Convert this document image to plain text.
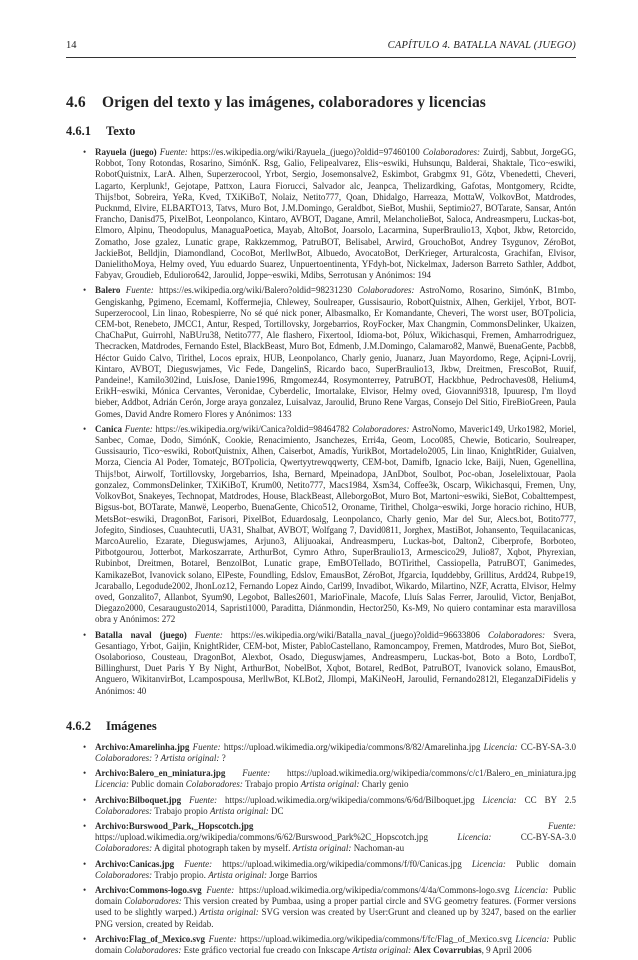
14	CAPÍTULO 4. BATALLA NAVAL (JUEGO)
4.6 Origen del texto y las imágenes, colaboradores y licencias
4.6.1 Texto
• Rayuela (juego) Fuente: https://es.wikipedia.org/wiki/Rayuela_(juego)?oldid=97460100 Colaboradores: Zuirdj, Sabbut, JorgeGG, Robbot, Tony Rotondas, Rosarino, SimónK. Rsg, Galio, Felipealvarez, Elis~eswiki, Huhsunqu, Balderai, Shaktale, Tico~eswiki, RobotQuistnix, LarA. Alhen, Superzerocool, Yrbot, Sergio, Josemonsalve2, Eskimbot, Grabgmx 91, Götz, Vbenedetti, Cheveri, Lagarto, Kerplunk!, Gejotape, Pattxon, Laura Fiorucci, Salvador alc, Jeanpca, Thelizardking, Gafotas, Montgomery, Rcidte, Thijs!bot, Sobreira, YeRa, Kved, TXiKiBoT, Nolaiz, Netito777, Qoan, Dhidalgo, Harreaza, MottaW, VolkovBot, Matdrodes, Pucknmd, Elvire, ELBARTO13, Tatvs, Muro Bot, J.M.Domingo, Geraldbot, SieBot, Mushii, Septimio27, BOTarate, Sansar, Antón Francho, Danisd75, PixelBot, Leonpolanco, Kintaro, AVBOT, Dagane, Amril, MelancholieBot, Saloca, Andreasmperu, Luckas-bot, Elmoro, Alpinu, Theodopulus, ManaguaPoetica, Mayab, AltoBot, Joarsolo, Lacarmina, SuperBraulio13, Xqbot, Jkbw, Retorcido, Zomatho, Jose gzalez, Lunatic grape, Rakkzemmog, PatruBOT, Belisabel, Arwird, GrouchoBot, Andrey Tsygunov, ZéroBot, JackieBot, Belldjin, Diamondland, CocoBot, MerllwBot, Albuedo, AvocatoBot, DerKrieger, Arturalcosta, Grachifan, Elvisor, DanielithoMoya, Helmy oved, Yuu eduardo Suarez, Unpuertoentinenta, YFdyh-bot, Nickelmax, Jaderson Barreto Sathler, Addbot, Fabyav, Groudieb, Edulioro642, Jaroulid, Joppe~eswiki, Mdibs, Serrotusan y Anónimos: 194
• Balero Fuente: https://es.wikipedia.org/wiki/Balero?oldid=98231230 Colaboradores: AstroNomo, Rosarino, SimónK, B1mbo, Gengiskanhg, Pgimeno, Ecemaml, Koffermejia, Chlewey, Soulreaper, Gussisaurio, RobotQuistnix, Alhen, Gerkijel, Yrbot, BOT-Superzerocool, Lin linao, Robespierre, No sé qué nick poner, Albasmalko, Er Komandante, Cheveri, The worst user, BOTpolicia, CEM-bot, Renebeto, JMCC1, Antur, Resped, Tortillovsky, Jorgebarrios, RoyFocker, Max Changmin, CommonsDelinker, Ukaizen, ChaChaPut, Guirrohl, NaBUru38, Netito777, Ale flashero, Fixertool, Idioma-bot, Pólux, Wikichasqui, Fremen, Amharrodriguez, Thecracken, Matdrodes, Fernando Estel, BlackBeast, Muro Bot, Edmenb, J.M.Domingo, Calamaro82, Manwë, BuenaGente, Pacbb8, Héctor Guido Calvo, Tirithel, Locos epraix, HUB, Leonpolanco, Charly genio, Juanarz, Juan Mayordomo, Rege, Açipni-Lovrij, Kintaro, AVBOT, Dieguswjames, Vic Fede, DangelinS, Ricardo baco, SuperBraulio13, Jkbw, Dreitmen, FrescoBot, Ruuif, Pandeine!, Kamilo302ind, LuisJose, Danie1996, Rmgomez44, Rosymonterrey, PatruBOT, Hackbhue, Pedrochaves08, Helium4, ErikH~eswiki, Mónica Cervantes, Veronidae, Cyberdelic, Imortalake, Elvisor, Helmy oved, Giovanni9318, Ipuuresp, I'm lloyd bieber, Addbot, Adrián Cerón, Jorge araya gonzalez, Luisalvaz, Jaroulid, Bruno Rene Vargas, Consejo Del Sitio, FireBioGreen, Paula Gomes, David Andre Romero Flores y Anónimos: 133
• Canica Fuente: https://es.wikipedia.org/wiki/Canica?oldid=98464782 Colaboradores: AstroNomo, Maveric149, Urko1982, Moriel, Sanbec, Comae, Dodo, SimónK, Cookie, Renacimiento, Jsanchezes, Erri4a, Geom, Loco085, Chewie, Boticario, Soulreaper, Gussisaurio, Tico~eswiki, RobotQuistnix, Alhen, Caiserbot, Amadís, YurikBot, Mortadelo2005, Lin linao, KnightRider, Guialven, Morza, Ciencia Al Poder, Tomatejc, BOTpolicia, Qwertyytrewqqwerty, CEM-bot, Damifb, Ignacio lcke, Baiji, Nuen, Ggenellina, Thijs!bot, Airwolf, Tortillovsky, Jorgebarrios, Isha, Bernard, Mpeinadopa, JAnDbot, Soulbot, Poc-oban, Joselelixtouar, Paola gonzalez, CommonsDelinker, TXiKiBoT, Krum00, Netito777, Macs1984, Xsm34, Coffee3k, Oscarp, Wikichasqui, Fremen, Uny, VolkovBot, Snakeyes, Technopat, Matdrodes, House, BlackBeast, AlleborgoBot, Muro Bot, Martoni~eswiki, SieBot, Cobalttempest, Bigsus-bot, BOTarate, Manwë, Leoperbo, BuenaGente, Chico512, Oroname, Tirithel, Cholga~eswiki, Jorge horacio richino, HUB, MetsBot~eswiki, DragonBot, Farisori, PixelBot, Eduardosalg, Leonpolanco, Charly genio, Mar del Sur, Alecs.bot, Botito777, Jofegito, Sindioses, Cuauhtecutli, UA31, Shalbat, AVBOT, Wolfgang 7, David0811, Jorghex, MastiBot, Johansento, Tequilacanicas, MarcoAurelio, Ezarate, Dieguswjames, Arjuno3, Alijuoakai, Andreasmperu, Luckas-bot, Dalton2, Ciberprofe, Borboteo, Pitbotgourou, Jotterbot, Markoszarrate, ArthurBot, Cymro Athro, SuperBraulio13, Armescico29, Julio87, Xqbot, Phyrexian, Rubinbot, Dreitmen, Botarel, BenzolBot, Lunatic grape, EmBOTellado, BOTirithel, Cassiopella, PatruBOT, Ganimedes, KamikazeBot, Ivanovick solano, ElPeste, Foundling, Edslov, EmausBot, ZéroBot, Jfgarcia, Iquddebby, Grillitus, Ardd24, Rubpe19, Jcaraballo, Legodude2002, JhonLoz12, Fernando Lopez Aindo, Carl99, Invadibot, Wikardo, Milartino, NZF, Acratta, Elvisor, Helmy oved, Gonzalito7, Allanbot, Syum90, Legobot, Balles2601, MarioFinale, Macofe, Lluís Salas Ferrer, Jaroulid, Victor, BenjaBot, Diegazo2000, Cesaraugusto2014, Sapristi1000, Paraditta, Diánmondin, Hector250, Ks-M9, No quiero contaminar esta maravillosa obra y Anónimos: 272
• Batalla naval (juego) Fuente: https://es.wikipedia.org/wiki/Batalla_naval_(juego)?oldid=96633806 Colaboradores: Sverа, Gesantiago, Yrbot, Gaijin, KnightRider, CEM-bot, Mister, PabloCastellano, Ramoncampoy, Fremen, Matdrodes, Muro Bot, SieBot, Osolaborioso, Cousteau, DragonBot, Alexbot, Osado, Dieguswjames, Andreasmperu, Luckas-bot, Boto a Boto, LordboT, Billinghurst, Duet Paris Y By Night, ArthurBot, NobelBot, Xqbot, Botarel, RedBot, PatruBOT, Ivanovick solano, EmausBot, Anguero, WikitanvirBot, Lcampospousa, MerllwBot, KLBot2, Jllompi, MaKiNeoH, Jaroulid, Fernando2812l, EleganzaDiFidelis y Anónimos: 40
4.6.2 Imágenes
• Archivo:Amarelinha.jpg Fuente: https://upload.wikimedia.org/wikipedia/commons/8/82/Amarelinha.jpg Licencia: CC-BY-SA-3.0 Colaboradores: ? Artista original: ?
• Archivo:Balero_en_miniatura.jpg Fuente: https://upload.wikimedia.org/wikipedia/commons/c/c1/Balero_en_miniatura.jpg Licencia: Public domain Colaboradores: Trabajo propio Artista original: Charly genio
• Archivo:Bilboquet.jpg Fuente: https://upload.wikimedia.org/wikipedia/commons/6/6d/Bilboquet.jpg Licencia: CC BY 2.5 Colaboradores: Trabajo propio Artista original: DC
• Archivo:Burswood_Park,_Hopscotch.jpg	Fuente: https://upload.wikimedia.org/wikipedia/commons/6/62/Burswood_Park%2C_Hopscotch.jpg	Licencia:	CC-BY-SA-3.0 Colaboradores: A digital photograph taken by myself. Artista original: Nachoman-au
• Archivo:Canicas.jpg Fuente: https://upload.wikimedia.org/wikipedia/commons/f/f0/Canicas.jpg Licencia: Public domain Colaboradores: Trabjo propio. Artista original: Jorge Barrios
• Archivo:Commons-logo.svg Fuente: https://upload.wikimedia.org/wikipedia/commons/4/4a/Commons-logo.svg Licencia: Public domain Colaboradores: This version created by Pumbaa, using a proper partial circle and SVG geometry features. (Former versions used to be slightly warped.) Artista original: SVG version was created by User:Grunt and cleaned up by 3247, based on the earlier PNG version, created by Reidab.
• Archivo:Flag_of_Mexico.svg Fuente: https://upload.wikimedia.org/wikipedia/commons/f/fc/Flag_of_Mexico.svg Licencia: Public domain Colaboradores: Este gráfico vectorial fue creado con Inkscape Artista original: Alex Covarrubias, 9 April 2006
